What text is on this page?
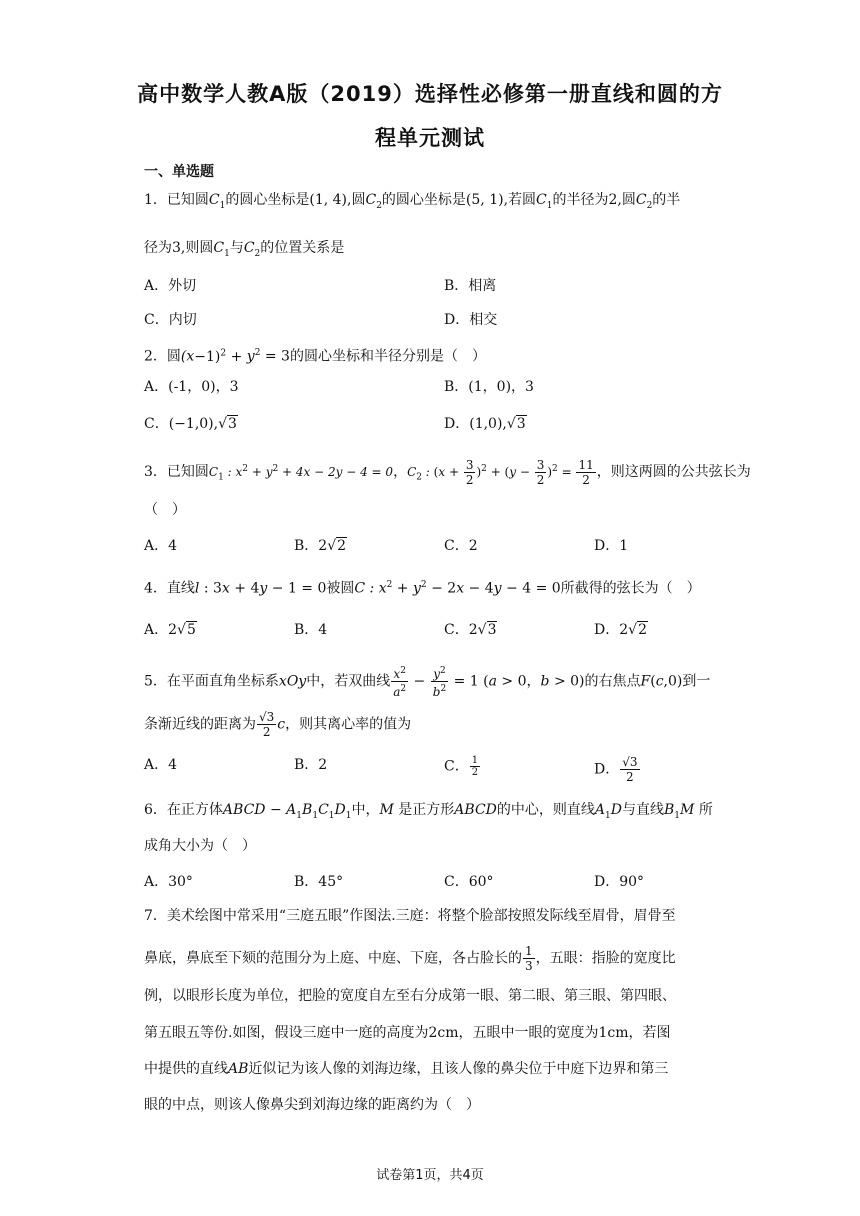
高中数学人教A版（2019）选择性必修第一册直线和圆的方
程单元测试
一、单选题
1．已知圆$C_1$的圆心坐标是(1, 4),圆$C_2$的圆心坐标是(5, 1),若圆$C_1$的半径为2,圆$C_2$的半
径为3,则圆$C_1$与$C_2$的位置关系是
A．外切	B．相离
C．内切	D．相交
2．圆$(x-1)^2 + y^2 = 3$的圆心坐标和半径分别是（　）
A．(-1，0)，3	B．(1，0)，3
C．(−1,0),√3	D．(1,0),√3
3．已知圆$C_1$ : $x^2 + y^2 + 4x - 2y - 4 = 0$，$C_2$ : $(x + \frac{3}{2} )^2 + (y - \frac{3}{2} )^2 = \frac{11}{2}$ ，则这两圆的公共弦长为
（　）
A．4	B．2√2	C．2	D．1
4．直线l : 3x + 4y − 1 = 0被圆C : $x^2 + y^2 - 2x - 4y - 4 = 0$所截得的弦长为（　）
A．2√5	B．4	C．2√3	D．2√2
5．在平面直角坐标系xOy中，若双曲线 $\frac{x^2}{a^2} - \frac{y^2}{b^2} = 1$ (a > 0，b > 0)的右焦点F(c,0)到一
条渐近线的距离为 $\frac{√3}{2}$ c，则其离心率的值为
A．4	B．2	C． $\frac{1}{2}$	D． $\frac{√3}{2}$
6．在正方体ABCD − $A_1B_1C_1D_1$中，M 是正方形ABCD的中心，则直线$A_1D$与直线$B_1M$ 所
成角大小为（　）
A．30°	B．45°	C．60°	D．90°
7．美术绘图中常采用“三庭五眼”作图法.三庭：将整个脸部按照发际线至眉骨，眉骨至
鼻底，鼻底至下颏的范围分为上庭、中庭、下庭，各占脸长的 $\frac{1}{3}$ ，五眼：指脸的宽度比
例，以眼形长度为单位，把脸的宽度自左至右分成第一眼、第二眼、第三眼、第四眼、
第五眼五等份.如图，假设三庭中一庭的高度为2cm，五眼中一眼的宽度为1cm，若图
中提供的直线AB近似记为该人像的刘海边缘，且该人像的鼻尖位于中庭下边界和第三
眼的中点，则该人像鼻尖到刘海边缘的距离约为（　）
试卷第1页，共4页
